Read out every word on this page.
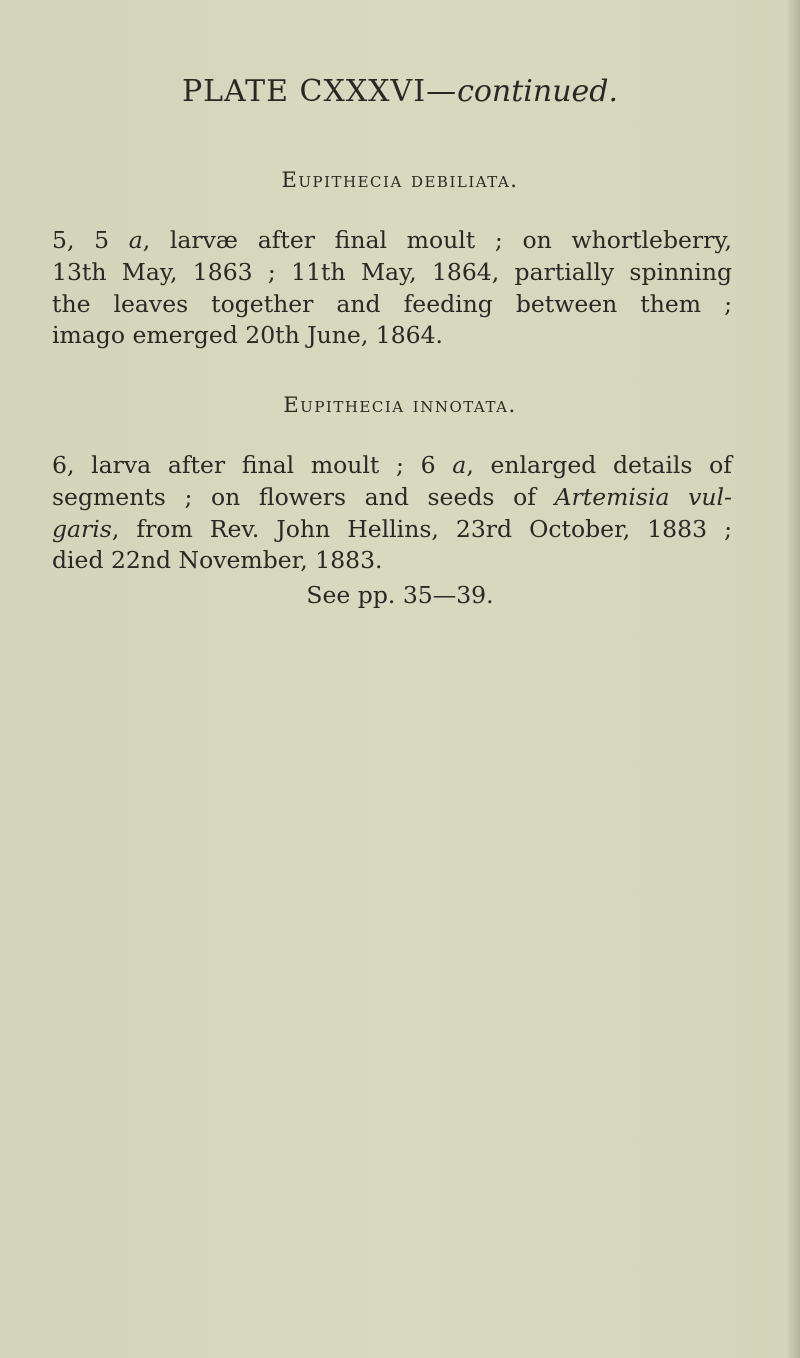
PLATE CXXXVI—continued.
Eupithecia debiliata.
5, 5 a, larvæ after final moult ; on whortleberry,
13th May, 1863 ; 11th May, 1864, partially spinning
the leaves together and feeding between them ;
imago emerged 20th June, 1864.
Eupithecia innotata.
6, larva after final moult ; 6 a, enlarged details of
segments ; on flowers and seeds of Artemisia vul-
garis, from Rev. John Hellins, 23rd October, 1883 ;
died 22nd November, 1883.
See pp. 35—39.
